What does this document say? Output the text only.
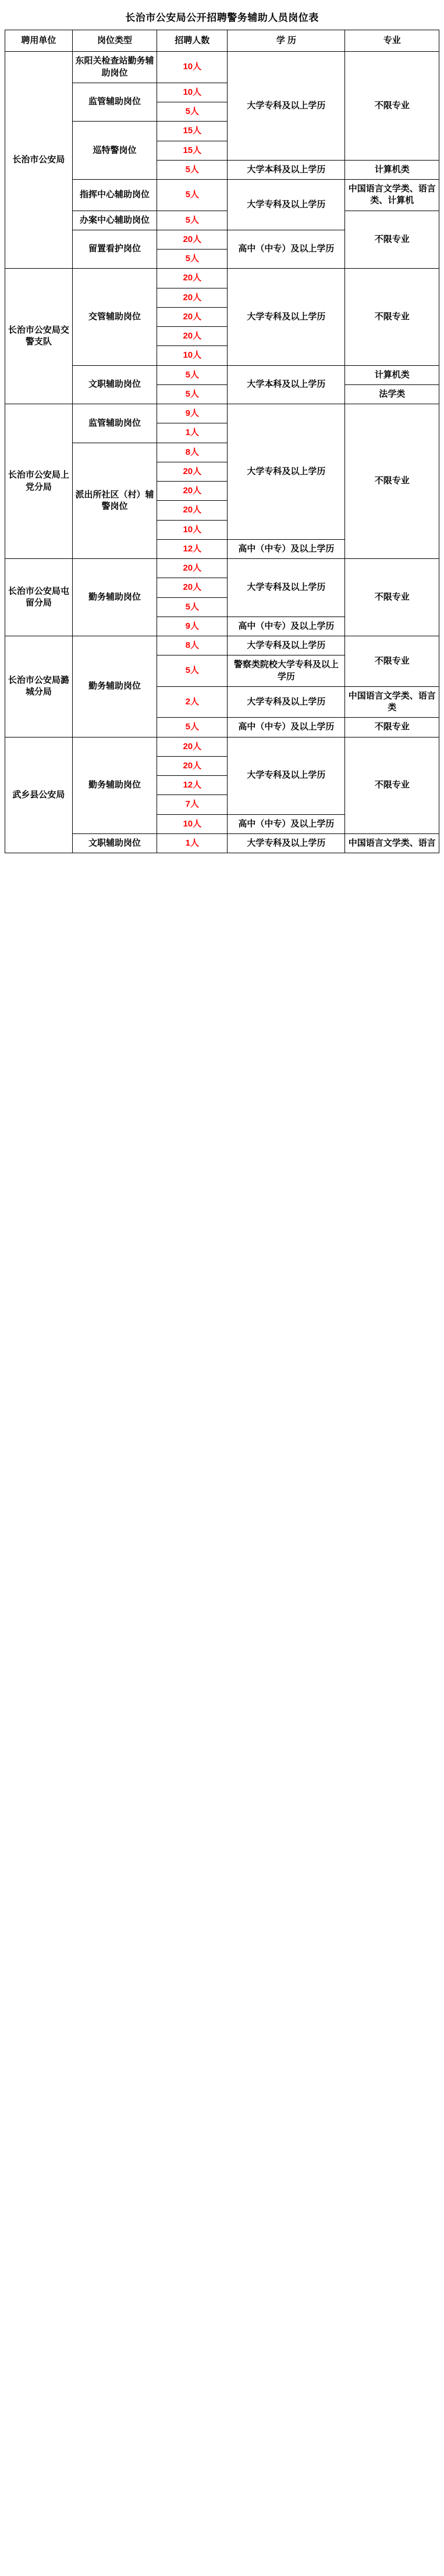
长治市公安局公开招聘警务辅助人员岗位表
聘用单位	岗位类型	招聘人数	学 历	专业
长治市公安局	东阳关检查站勤务辅助岗位	10人	大学专科及以上学历	不限专业
	监管辅助岗位	10人		
		5人		
	巡特警岗位	15人		
		15人		
		5人	大学本科及以上学历	计算机类
	指挥中心辅助岗位	5人	大学专科及以上学历	中国语言文学类、语言类、计算机
	办案中心辅助岗位	5人		不限专业
	留置看护岗位	20人	高中（中专）及以上学历	
		5人		
长治市公安局交警支队	交管辅助岗位	20人	大学专科及以上学历	不限专业
		20人		
		20人		
		20人		
		10人		
	文职辅助岗位	5人	大学本科及以上学历	计算机类
		5人		法学类
长治市公安局上党分局	监管辅助岗位	9人	大学专科及以上学历	不限专业
		1人		
	派出所社区（村）辅警岗位	8人		
		20人		
		20人		
		20人		
		10人		
		12人	高中（中专）及以上学历	
长治市公安局屯留分局	勤务辅助岗位	20人	大学专科及以上学历	不限专业
		20人		
		5人		
		9人	高中（中专）及以上学历	
长治市公安局潞城分局	勤务辅助岗位	8人	大学专科及以上学历	不限专业
		5人	警察类院校大学专科及以上学历	
		2人	大学专科及以上学历	中国语言文学类、语言类
		5人	高中（中专）及以上学历	不限专业
武乡县公安局	勤务辅助岗位	20人	大学专科及以上学历	不限专业
		20人		
		12人		
		7人		
		10人	高中（中专）及以上学历	
	文职辅助岗位	1人	大学专科及以上学历	中国语言文学类、语言
